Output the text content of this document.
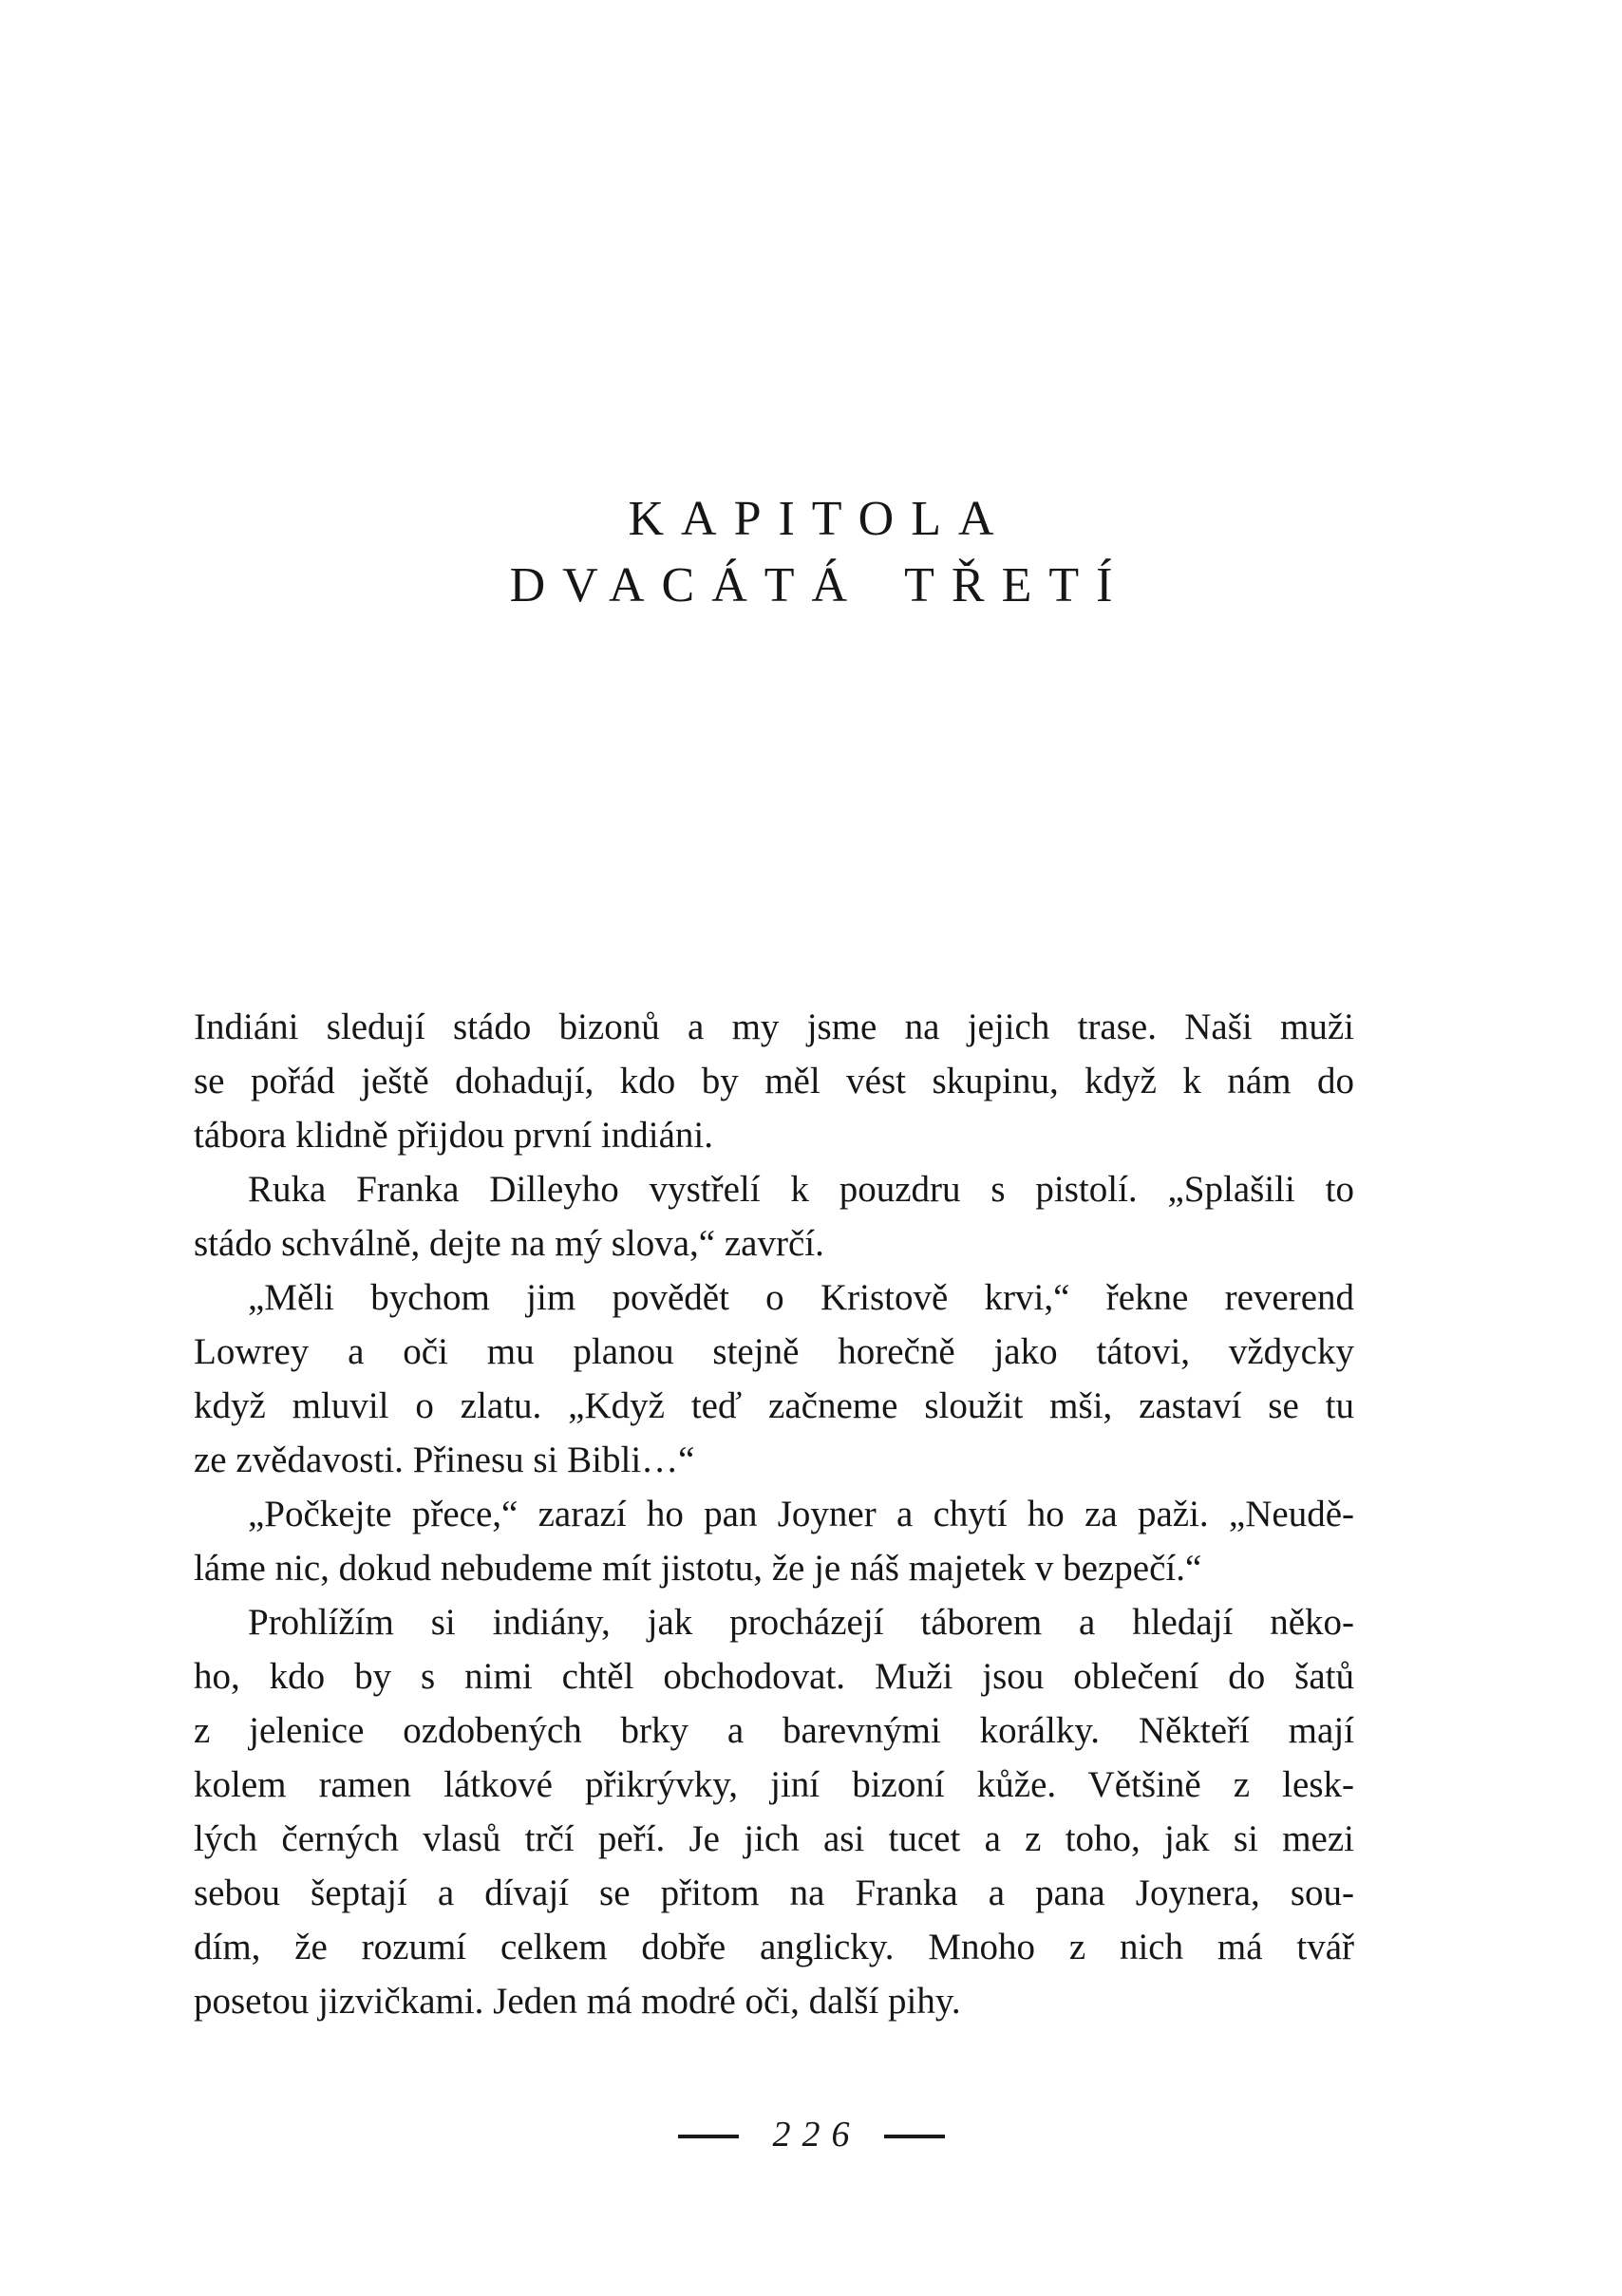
KAPITOLA
DVACÁTÁ TŘETÍ
Indiáni sledují stádo bizonů a my jsme na jejich trase. Naši muži
se pořád ještě dohadují, kdo by měl vést skupinu, když k nám do
tábora klidně přijdou první indiáni.
Ruka Franka Dilleyho vystřelí k pouzdru s pistolí. „Splašili to
stádo schválně, dejte na mý slova,“ zavrčí.
„Měli bychom jim povědět o Kristově krvi,“ řekne reverend
Lowrey a oči mu planou stejně horečně jako tátovi, vždycky
když mluvil o zlatu. „Když teď začneme sloužit mši, zastaví se tu
ze zvědavosti. Přinesu si Bibli…“
„Počkejte přece,“ zarazí ho pan Joyner a chytí ho za paži. „Neudě-
láme nic, dokud nebudeme mít jistotu, že je náš majetek v bezpečí.“
Prohlížím si indiány, jak procházejí táborem a hledají něko-
ho, kdo by s nimi chtěl obchodovat. Muži jsou oblečení do šatů
z jelenice ozdobených brky a barevnými korálky. Někteří mají
kolem ramen látkové přikrývky, jiní bizoní kůže. Většině z lesk-
lých černých vlasů trčí peří. Je jich asi tucet a z toho, jak si mezi
sebou šeptají a dívají se přitom na Franka a pana Joynera, sou-
dím, že rozumí celkem dobře anglicky. Mnoho z nich má tvář
posetou jizvičkami. Jeden má modré oči, další pihy.
226
